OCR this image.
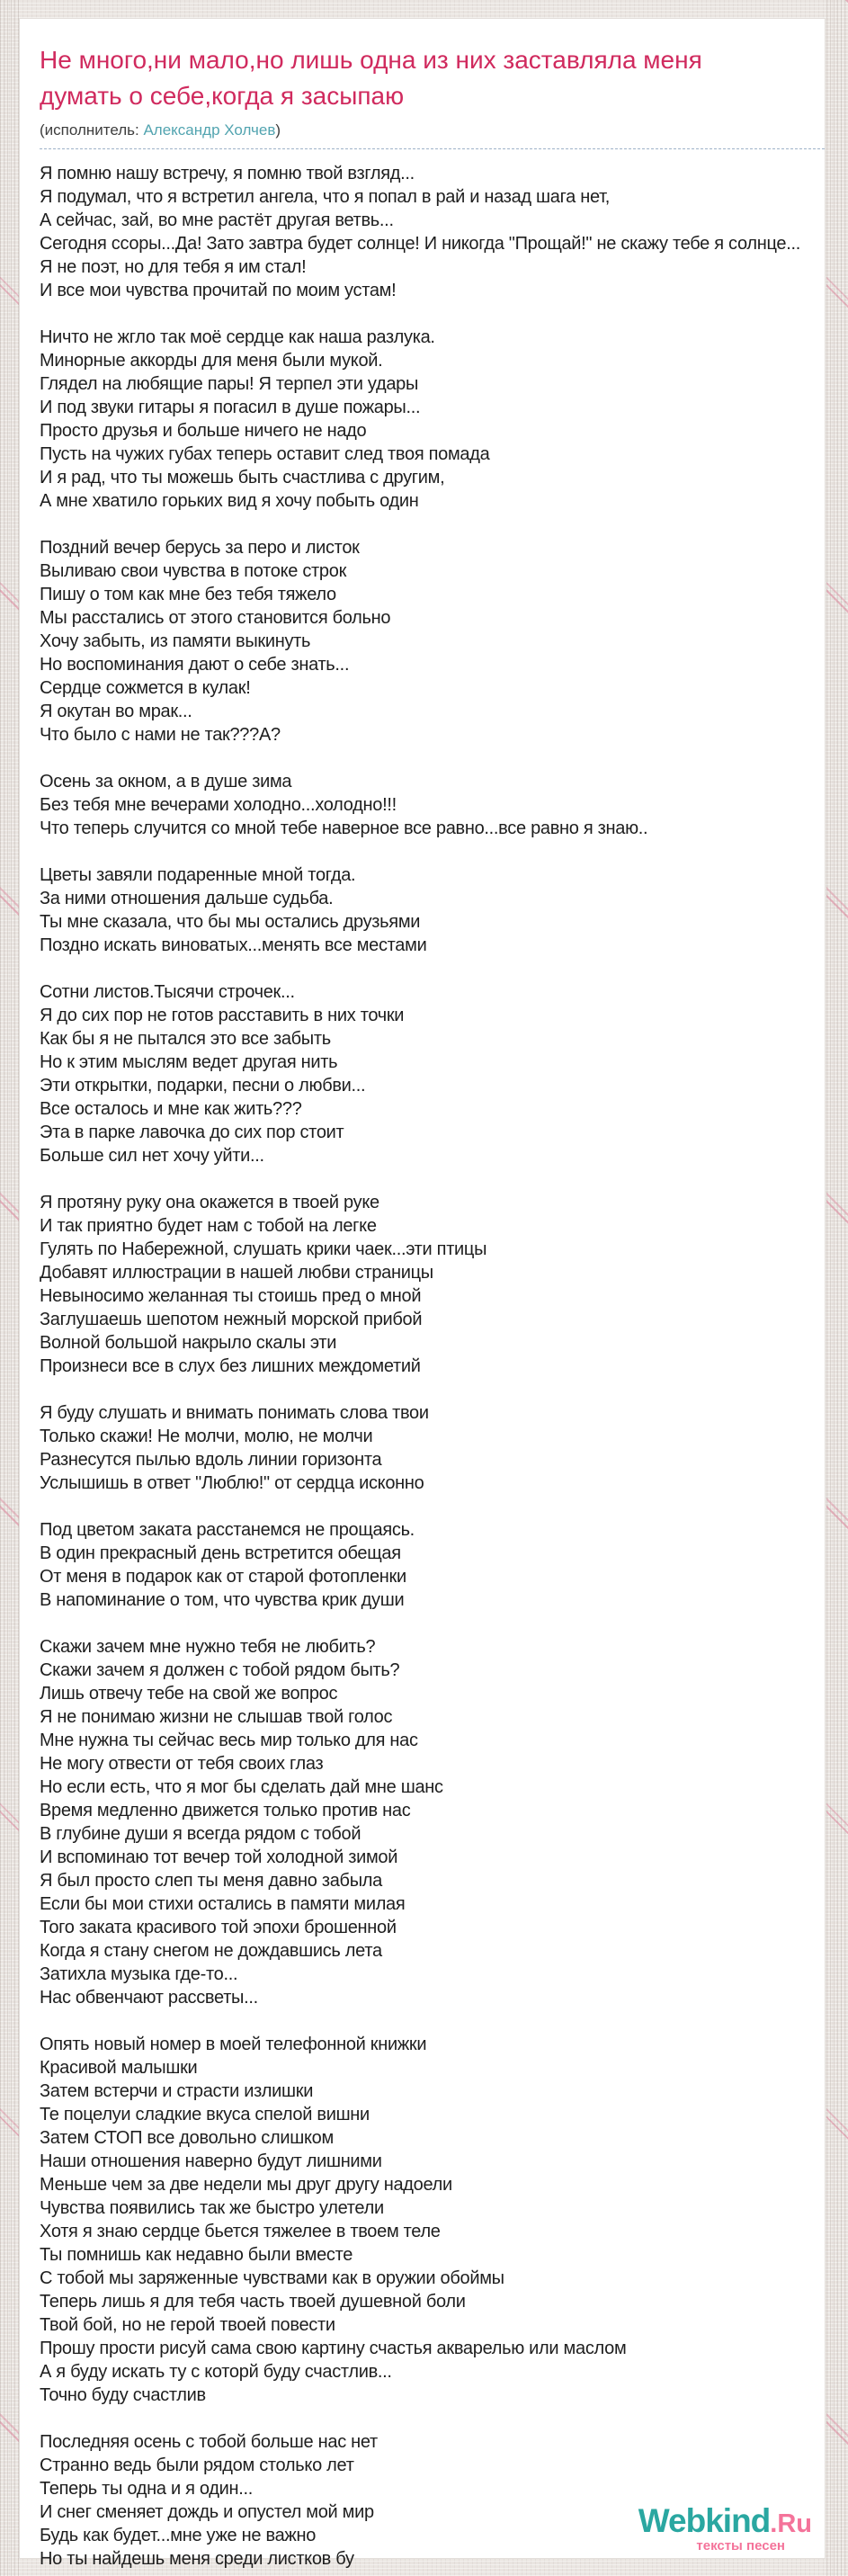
Не много,ни мало,но лишь одна из них заставляла меня думать о себе,когда я засыпаю
(исполнитель: Александр Холчев)

Я помню нашу встречу, я помню твой взгляд...
Я подумал, что я встретил ангела, что я попал в рай и назад шага нет,
А сейчас, зай, во мне растёт другая ветвь...
Сегодня ссоры...Да! Зато завтра будет солнце! И никогда "Прощай!" не скажу тебе я солнце...
Я не поэт, но для тебя я им стал!
И все мои чувства прочитай по моим устам!

Ничто не жгло так моё сердце как наша разлука.
Минорные аккорды для меня были мукой.
Глядел на любящие пары! Я терпел эти удары
И под звуки гитары я погасил в душе пожары...
Просто друзья и больше ничего не надо
Пусть на чужих губах теперь оставит след твоя помада
И я рад, что ты можешь быть счастлива с другим,
А мне хватило горьких вид я хочу побыть один

Поздний вечер берусь за перо и листок
Выливаю свои чувства в потоке строк
Пишу о том как мне без тебя тяжело
Мы расстались от этого становится больно
Хочу забыть, из памяти выкинуть
Но воспоминания дают о себе знать...
Сердце сожмется в кулак!
Я окутан во мрак...
Что было с нами не так???А?

Осень за окном, а в душе зима
Без тебя мне вечерами холодно...холодно!!!
Что теперь случится со мной тебе наверное все равно...все равно я знаю..

Цветы завяли подаренные мной тогда.
За ними отношения дальше судьба.
Ты мне сказала, что бы мы остались друзьями
Поздно искать виноватых...менять все местами

Сотни листов.Тысячи строчек...
Я до сих пор не готов расставить в них точки
Как бы я не пытался это все забыть
Но к этим мыслям ведет другая нить
Эти открытки, подарки, песни о любви...
Все осталось и мне как жить???
Эта в парке лавочка до сих пор стоит
Больше сил нет хочу уйти...

Я протяну руку она окажется в твоей руке
И так приятно будет нам с тобой на легке
Гулять по Набережной, слушать крики чаек...эти птицы
Добавят иллюстрации в нашей любви страницы
Невыносимо желанная ты стоишь пред о мной
Заглушаешь шепотом нежный морской прибой
Волной большой накрыло скалы эти
Произнеси все в слух без лишних междометий

Я буду слушать и внимать понимать слова твои
Только скажи! Не молчи, молю, не молчи
Разнесутся пылью вдоль линии горизонта
Услышишь в ответ "Люблю!" от сердца исконно

Под цветом заката расстанемся не прощаясь.
В один прекрасный день встретится обещая
От меня в подарок как от старой фотопленки
В напоминание о том, что чувства крик души

Скажи зачем мне нужно тебя не любить?
Скажи зачем я должен с тобой рядом быть?
Лишь отвечу тебе на свой же вопрос
Я не понимаю жизни не слышав твой голос
Мне нужна ты сейчас весь мир только для нас
Не могу отвести от тебя своих глаз
Но если есть, что я мог бы сделать дай мне шанс
Время медленно движется только против нас
В глубине души я всегда рядом с тобой
И вспоминаю тот вечер той холодной зимой
Я был просто слеп ты меня давно забыла
Если бы мои стихи остались в памяти милая
Того заката красивого той эпохи брошенной
Когда я стану снегом не дождавшись лета
Затихла музыка где-то...
Нас обвенчают рассветы...

Опять новый номер в моей телефонной книжки
Красивой малышки
Затем встерчи и страсти излишки
Те поцелуи сладкие вкуса спелой вишни
Затем СТОП все довольно слишком
Наши отношения наверно будут лишними
Меньше чем за две недели мы друг другу надоели
Чувства появились так же быстро улетели
Хотя я знаю сердце бьется тяжелее в твоем теле
Ты помнишь как недавно были вместе
С тобой мы заряженные чувствами как в оружии обоймы
Теперь лишь я для тебя часть твоей душевной боли
Твой бой, но не герой твоей повести
Прошу прости рисуй сама свою картину счастья акварелью или маслом
А я буду искать ту с которй буду счастлив...
Точно буду счастлив

Последняя осень с тобой больше нас нет
Странно ведь были рядом столько лет
Теперь ты одна и я один...
И снег сменяет дождь и опустел мой мир
Будь как будет...мне уже не важно
Но ты найдешь меня среди листков бу

Webkind.Ru
тексты песен
